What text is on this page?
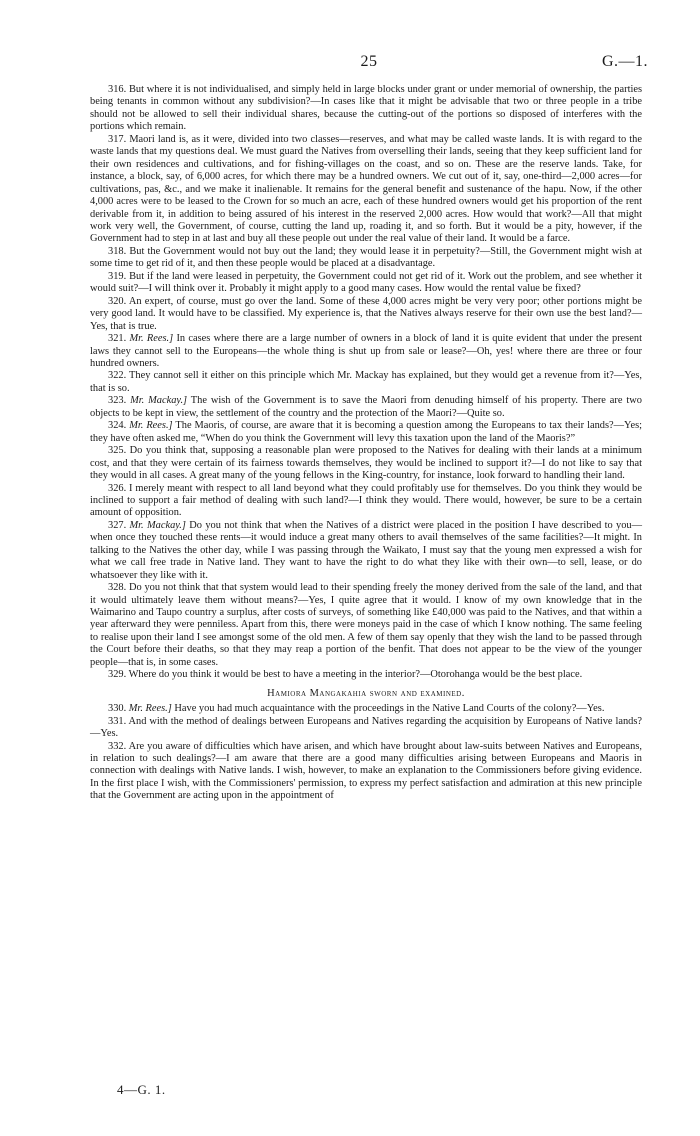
25	G.—1.

316. But where it is not individualised, and simply held in large blocks under grant or under memorial of ownership, the parties being tenants in common without any subdivision?—In cases like that it might be advisable that two or three people in a tribe should not be allowed to sell their individual shares, because the cutting-out of the portions so disposed of interferes with the portions which remain.

317. Maori land is, as it were, divided into two classes—reserves, and what may be called waste lands. It is with regard to the waste lands that my questions deal. We must guard the Natives from overselling their lands, seeing that they keep sufficient land for their own residences and cultivations, and for fishing-villages on the coast, and so on. These are the reserve lands. Take, for instance, a block, say, of 6,000 acres, for which there may be a hundred owners. We cut out of it, say, one-third—2,000 acres—for cultivations, pas, &c., and we make it inalienable. It remains for the general benefit and sustenance of the hapu. Now, if the other 4,000 acres were to be leased to the Crown for so much an acre, each of these hundred owners would get his proportion of the rent derivable from it, in addition to being assured of his interest in the reserved 2,000 acres. How would that work?—All that might work very well, the Government, of course, cutting the land up, roading it, and so forth. But it would be a pity, however, if the Government had to step in at last and buy all these people out under the real value of their land. It would be a farce.

318. But the Government would not buy out the land; they would lease it in perpetuity?—Still, the Government might wish at some time to get rid of it, and then these people would be placed at a disadvantage.

319. But if the land were leased in perpetuity, the Government could not get rid of it. Work out the problem, and see whether it would suit?—I will think over it. Probably it might apply to a good many cases. How would the rental value be fixed?

320. An expert, of course, must go over the land. Some of these 4,000 acres might be very very poor; other portions might be very good land. It would have to be classified. My experience is, that the Natives always reserve for their own use the best land?—Yes, that is true.

321. Mr. Rees.] In cases where there are a large number of owners in a block of land it is quite evident that under the present laws they cannot sell to the Europeans—the whole thing is shut up from sale or lease?—Oh, yes! where there are three or four hundred owners.

322. They cannot sell it either on this principle which Mr. Mackay has explained, but they would get a revenue from it?—Yes, that is so.

323. Mr. Mackay.] The wish of the Government is to save the Maori from denuding himself of his property. There are two objects to be kept in view, the settlement of the country and the protection of the Maori?—Quite so.

324. Mr. Rees.] The Maoris, of course, are aware that it is becoming a question among the Europeans to tax their lands?—Yes; they have often asked me, “When do you think the Government will levy this taxation upon the land of the Maoris?”

325. Do you think that, supposing a reasonable plan were proposed to the Natives for dealing with their lands at a minimum cost, and that they were certain of its fairness towards themselves, they would be inclined to support it?—I do not like to say that they would in all cases. A great many of the young fellows in the King-country, for instance, look forward to handling their land.

326. I merely meant with respect to all land beyond what they could profitably use for themselves. Do you think they would be inclined to support a fair method of dealing with such land?—I think they would. There would, however, be sure to be a certain amount of opposition.

327. Mr. Mackay.] Do you not think that when the Natives of a district were placed in the position I have described to you—when once they touched these rents—it would induce a great many others to avail themselves of the same facilities?—It might. In talking to the Natives the other day, while I was passing through the Waikato, I must say that the young men expressed a wish for what we call free trade in Native land. They want to have the right to do what they like with their own—to sell, lease, or do whatsoever they like with it.

328. Do you not think that that system would lead to their spending freely the money derived from the sale of the land, and that it would ultimately leave them without means?—Yes, I quite agree that it would. I know of my own knowledge that in the Waimarino and Taupo country a surplus, after costs of surveys, of something like £40,000 was paid to the Natives, and that within a year afterward they were penniless. Apart from this, there were moneys paid in the case of which I know nothing. The same feeling to realise upon their land I see amongst some of the old men. A few of them say openly that they wish the land to be passed through the Court before their deaths, so that they may reap a portion of the benfit. That does not appear to be the view of the younger people—that is, in some cases.

329. Where do you think it would be best to have a meeting in the interior?—Otorohanga would be the best place.

Hamiora Mangakahia sworn and examined.

330. Mr. Rees.] Have you had much acquaintance with the proceedings in the Native Land Courts of the colony?—Yes.

331. And with the method of dealings between Europeans and Natives regarding the acquisition by Europeans of Native lands?—Yes.

332. Are you aware of difficulties which have arisen, and which have brought about law-suits between Natives and Europeans, in relation to such dealings?—I am aware that there are a good many difficulties arising between Europeans and Maoris in connection with dealings with Native lands. I wish, however, to make an explanation to the Commissioners before giving evidence. In the first place I wish, with the Commissioners' permission, to express my perfect satisfaction and admiration at this new principle that the Government are acting upon in the appointment of

4—G. 1.
